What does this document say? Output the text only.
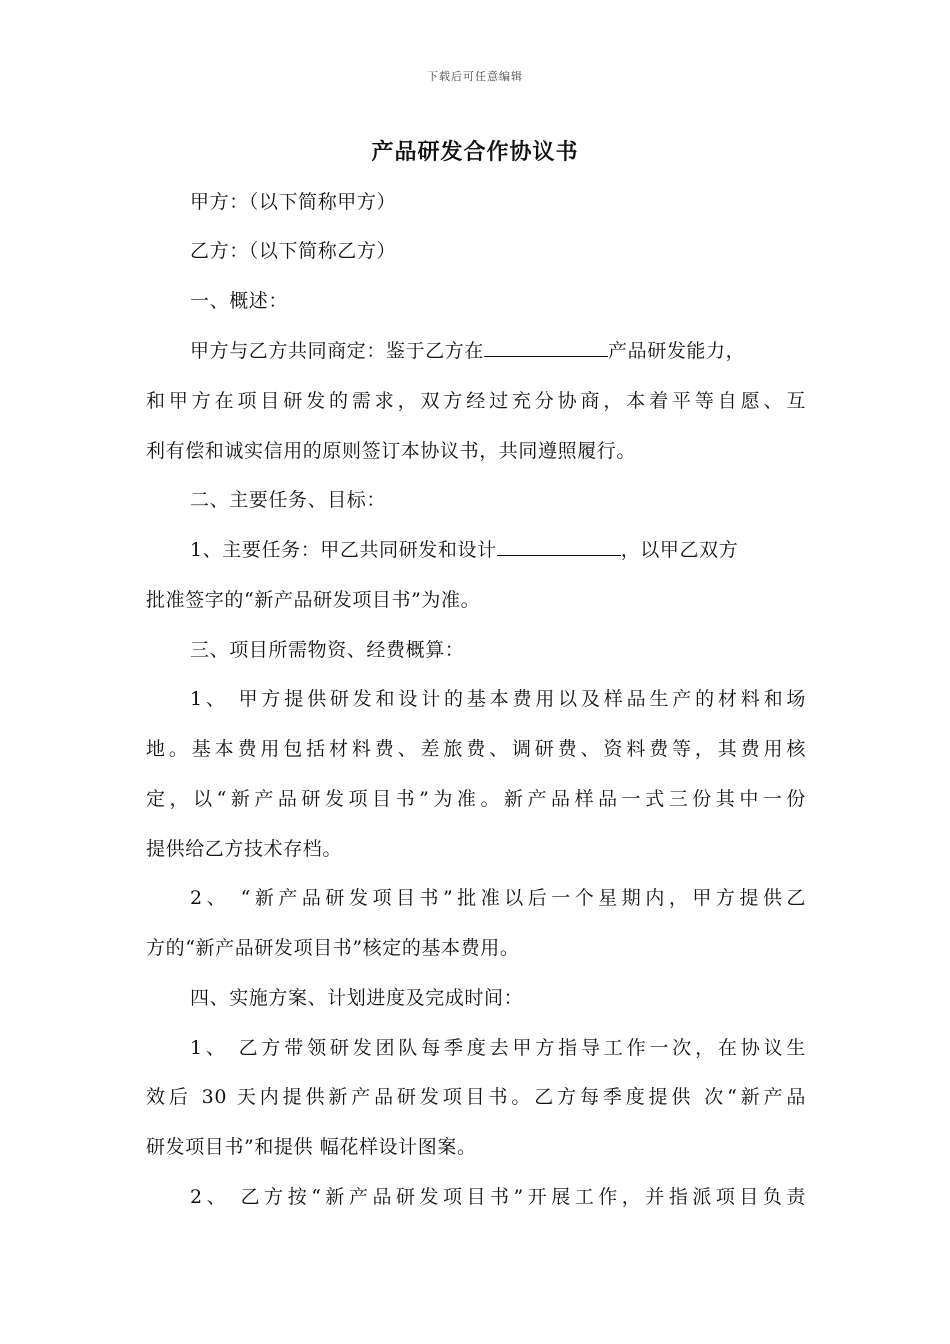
下载后可任意编辑
产品研发合作协议书
甲方：（以下简称甲方）
乙方：（以下简称乙方）
一、概述：
甲方与乙方共同商定：鉴于乙方在	产品研发能力，
和甲方在项目研发的需求，双方经过充分协商，本着平等自愿、互
利有偿和诚实信用的原则签订本协议书，共同遵照履行。
二、主要任务、目标：
1、主要任务：甲乙共同研发和设计	，以甲乙双方
批准签字的“新产品研发项目书”为准。
三、项目所需物资、经费概算：
1、 甲方提供研发和设计的基本费用以及样品生产的材料和场
地。基本费用包括材料费、差旅费、调研费、资料费等，其费用核
定，以“新产品研发项目书”为准。新产品样品一式三份其中一份
提供给乙方技术存档。
2、 “新产品研发项目书”批准以后一个星期内，甲方提供乙
方的“新产品研发项目书”核定的基本费用。
四、实施方案、计划进度及完成时间：
1、 乙方带领研发团队每季度去甲方指导工作一次，在协议生
效后 30 天内提供新产品研发项目书。乙方每季度提供 次“新产品
研发项目书”和提供 幅花样设计图案。
2、 乙方按“新产品研发项目书”开展工作，并指派项目负责
